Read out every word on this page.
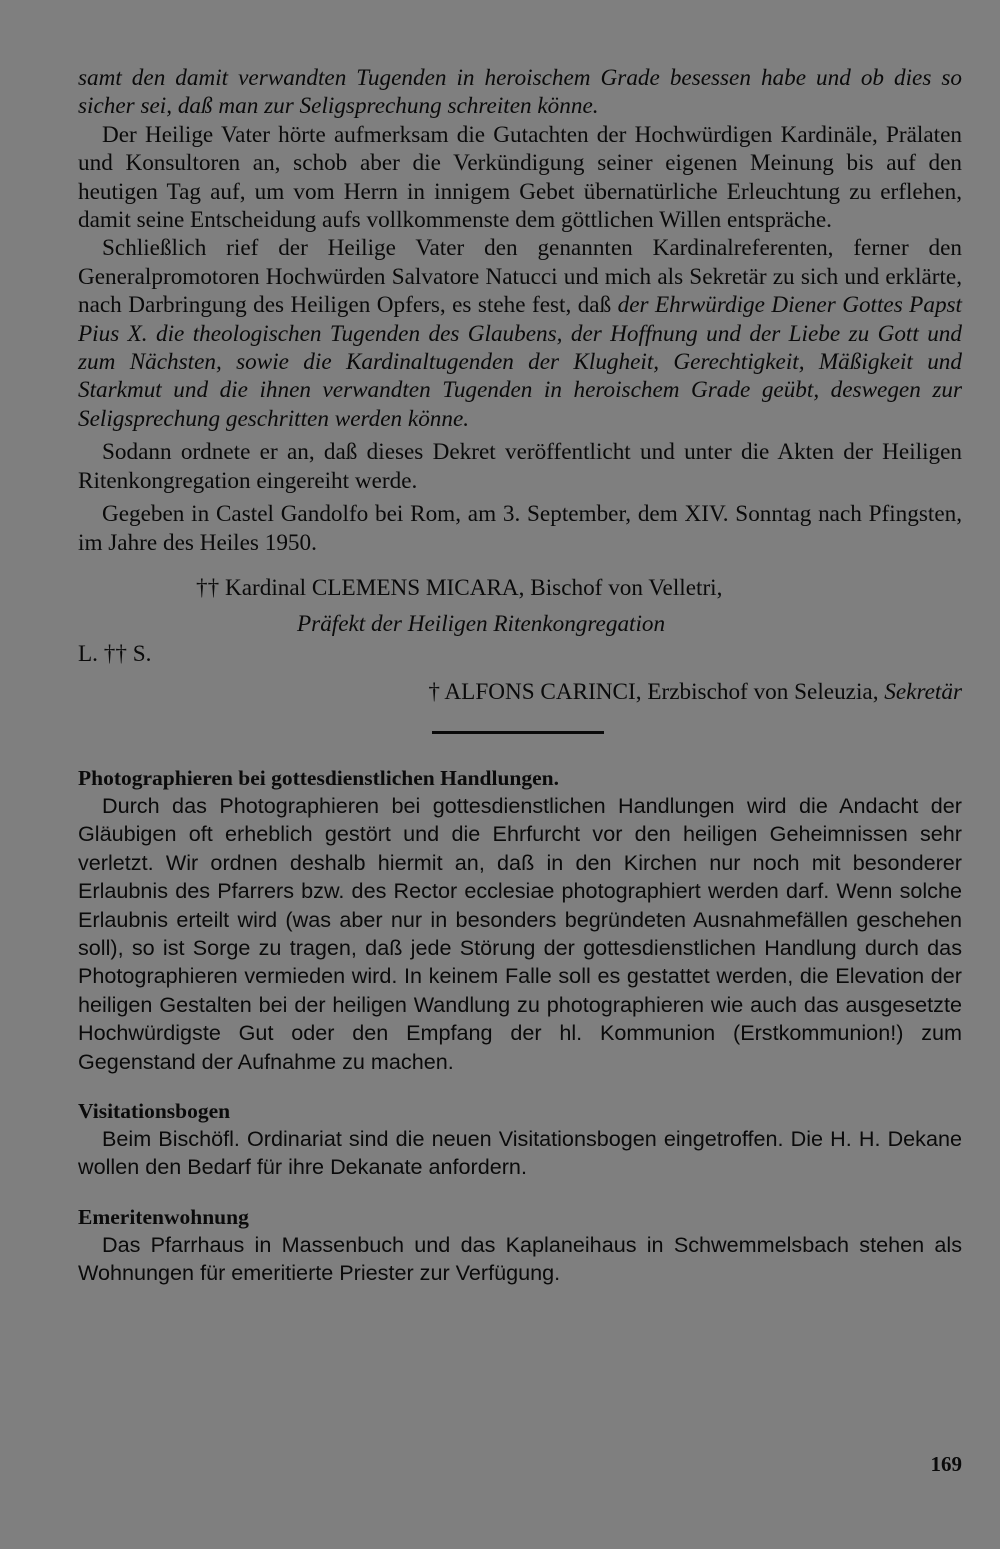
samt den damit verwandten Tugenden in heroischem Grade besessen habe und ob dies so sicher sei, daß man zur Seligsprechung schreiten könne.

Der Heilige Vater hörte aufmerksam die Gutachten der Hochwürdigen Kardinäle, Prälaten und Konsultoren an, schob aber die Verkündigung seiner eigenen Meinung bis auf den heutigen Tag auf, um vom Herrn in innigem Gebet übernatürliche Erleuchtung zu erflehen, damit seine Entscheidung aufs vollkommenste dem göttlichen Willen entspräche.

Schließlich rief der Heilige Vater den genannten Kardinalreferenten, ferner den Generalpromotoren Hochwürden Salvatore Natucci und mich als Sekretär zu sich und erklärte, nach Darbringung des Heiligen Opfers, es stehe fest, daß der Ehrwürdige Diener Gottes Papst Pius X. die theologischen Tugenden des Glaubens, der Hoffnung und der Liebe zu Gott und zum Nächsten, sowie die Kardinaltugenden der Klugheit, Gerechtigkeit, Mäßigkeit und Starkmut und die ihnen verwandten Tugenden in heroischem Grade geübt, deswegen zur Seligsprechung geschritten werden könne.

Sodann ordnete er an, daß dieses Dekret veröffentlicht und unter die Akten der Heiligen Ritenkongregation eingereiht werde.

Gegeben in Castel Gandolfo bei Rom, am 3. September, dem XIV. Sonntag nach Pfingsten, im Jahre des Heiles 1950.

†† Kardinal CLEMENS MICARA, Bischof von Velletri,

Präfekt der Heiligen Ritenkongregation

L. †† S.

† ALFONS CARINCI, Erzbischof von Seleuzia, Sekretär

Photographieren bei gottesdienstlichen Handlungen.

Durch das Photographieren bei gottesdienstlichen Handlungen wird die Andacht der Gläubigen oft erheblich gestört und die Ehrfurcht vor den heiligen Geheimnissen sehr verletzt. Wir ordnen deshalb hiermit an, daß in den Kirchen nur noch mit besonderer Erlaubnis des Pfarrers bzw. des Rector ecclesiae photographiert werden darf. Wenn solche Erlaubnis erteilt wird (was aber nur in besonders begründeten Ausnahmefällen geschehen soll), so ist Sorge zu tragen, daß jede Störung der gottesdienstlichen Handlung durch das Photographieren vermieden wird. In keinem Falle soll es gestattet werden, die Elevation der heiligen Gestalten bei der heiligen Wandlung zu photographieren wie auch das ausgesetzte Hochwürdigste Gut oder den Empfang der hl. Kommunion (Erstkommunion!) zum Gegenstand der Aufnahme zu machen.

Visitationsbogen

Beim Bischöfl. Ordinariat sind die neuen Visitationsbogen eingetroffen. Die H. H. Dekane wollen den Bedarf für ihre Dekanate anfordern.

Emeritenwohnung

Das Pfarrhaus in Massenbuch und das Kaplaneihaus in Schwemmelsbach stehen als Wohnungen für emeritierte Priester zur Verfügung.

169
